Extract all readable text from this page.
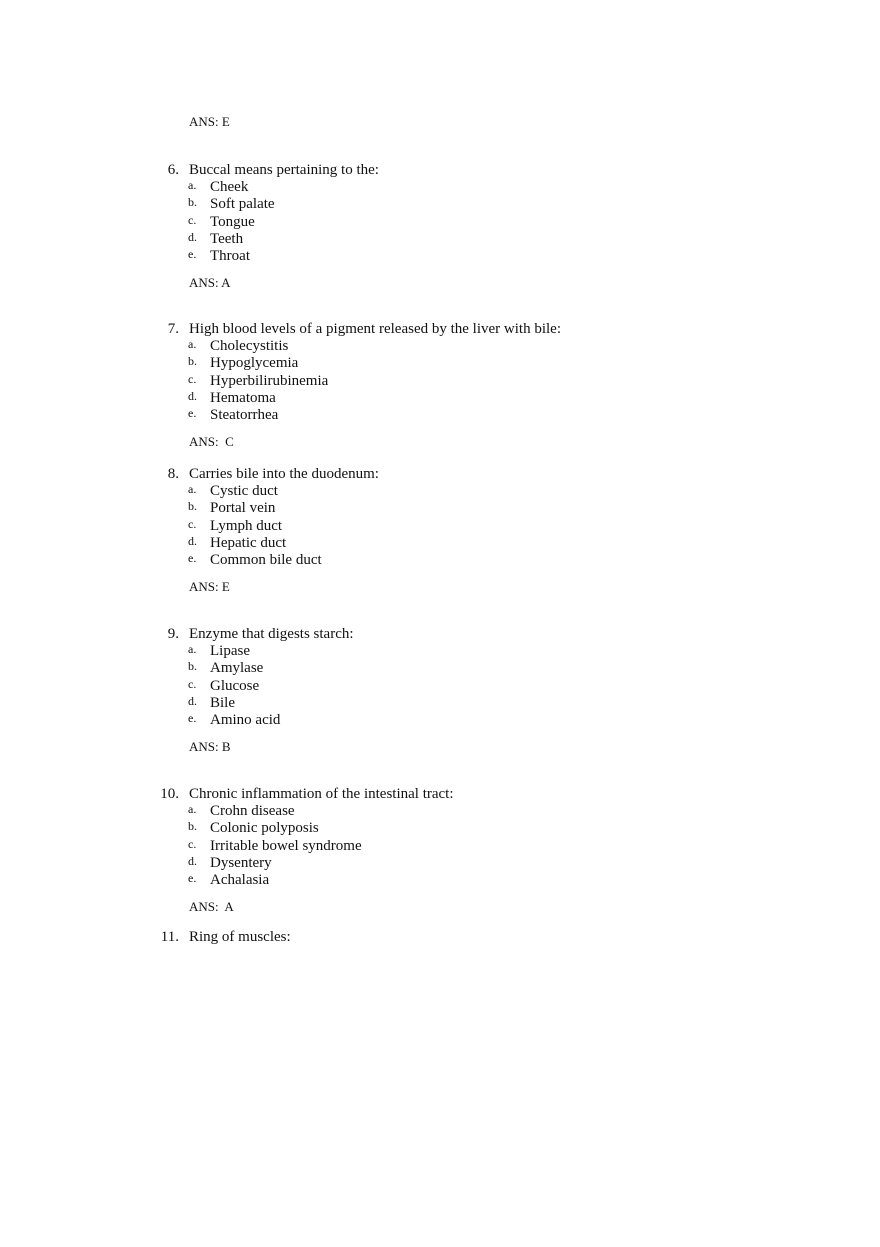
ANS: E
6. Buccal means pertaining to the:
a. Cheek
b. Soft palate
c. Tongue
d. Teeth
e. Throat
ANS: A
7. High blood levels of a pigment released by the liver with bile:
a. Cholecystitis
b. Hypoglycemia
c. Hyperbilirubinemia
d. Hematoma
e. Steatorrhea
ANS:  C
8. Carries bile into the duodenum:
a. Cystic duct
b. Portal vein
c. Lymph duct
d. Hepatic duct
e. Common bile duct
ANS: E
9. Enzyme that digests starch:
a. Lipase
b. Amylase
c. Glucose
d. Bile
e. Amino acid
ANS: B
10. Chronic inflammation of the intestinal tract:
a. Crohn disease
b. Colonic polyposis
c. Irritable bowel syndrome
d. Dysentery
e. Achalasia
ANS:  A
11. Ring of muscles:
